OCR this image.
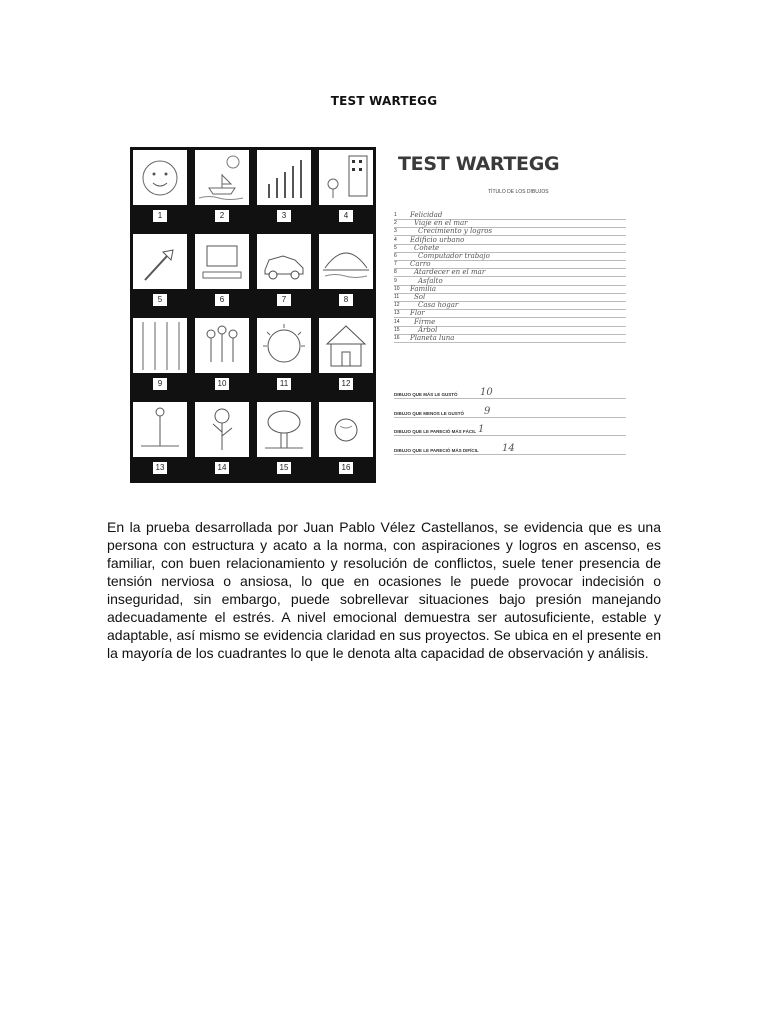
TEST WARTEGG
1	2	3	4
5	6	7	8
9	10	11	12
13	14	15	16
TEST WARTEGG
TÍTULO DE LOS DIBUJOS
1 Felicidad
2 Viaje en el mar
3	Crecimiento y logros
4 Edificio urbano
5 Cohete
6	Computador trabajo
7 Carro
8 Atardecer en el mar
9	Asfalto
10 Familia
11 Sol
12	Casa hogar
13 Flor
14 Firme
15	Árbol
16 Planeta luna
DIBUJO QUE MÁS LE GUSTÓ 10
DIBUJO QUE MENOS LE GUSTÓ 9
DIBUJO QUE LE PARECIÓ MÁS FÁCIL 1
DIBUJO QUE LE PARECIÓ MÁS DIFÍCIL 14

En la prueba desarrollada por Juan Pablo Vélez Castellanos, se evidencia que es una persona con estructura y acato a la norma, con aspiraciones y logros en ascenso, es familiar, con buen relacionamiento y resolución de conflictos, suele tener presencia de tensión nerviosa o ansiosa, lo que en ocasiones le puede provocar indecisión o inseguridad, sin embargo, puede sobrellevar situaciones bajo presión manejando adecuadamente el estrés. A nivel emocional demuestra ser autosuficiente, estable y adaptable, así mismo se evidencia claridad en sus proyectos. Se ubica en el presente en la mayoría de los cuadrantes lo que le denota alta capacidad de observación y análisis.
